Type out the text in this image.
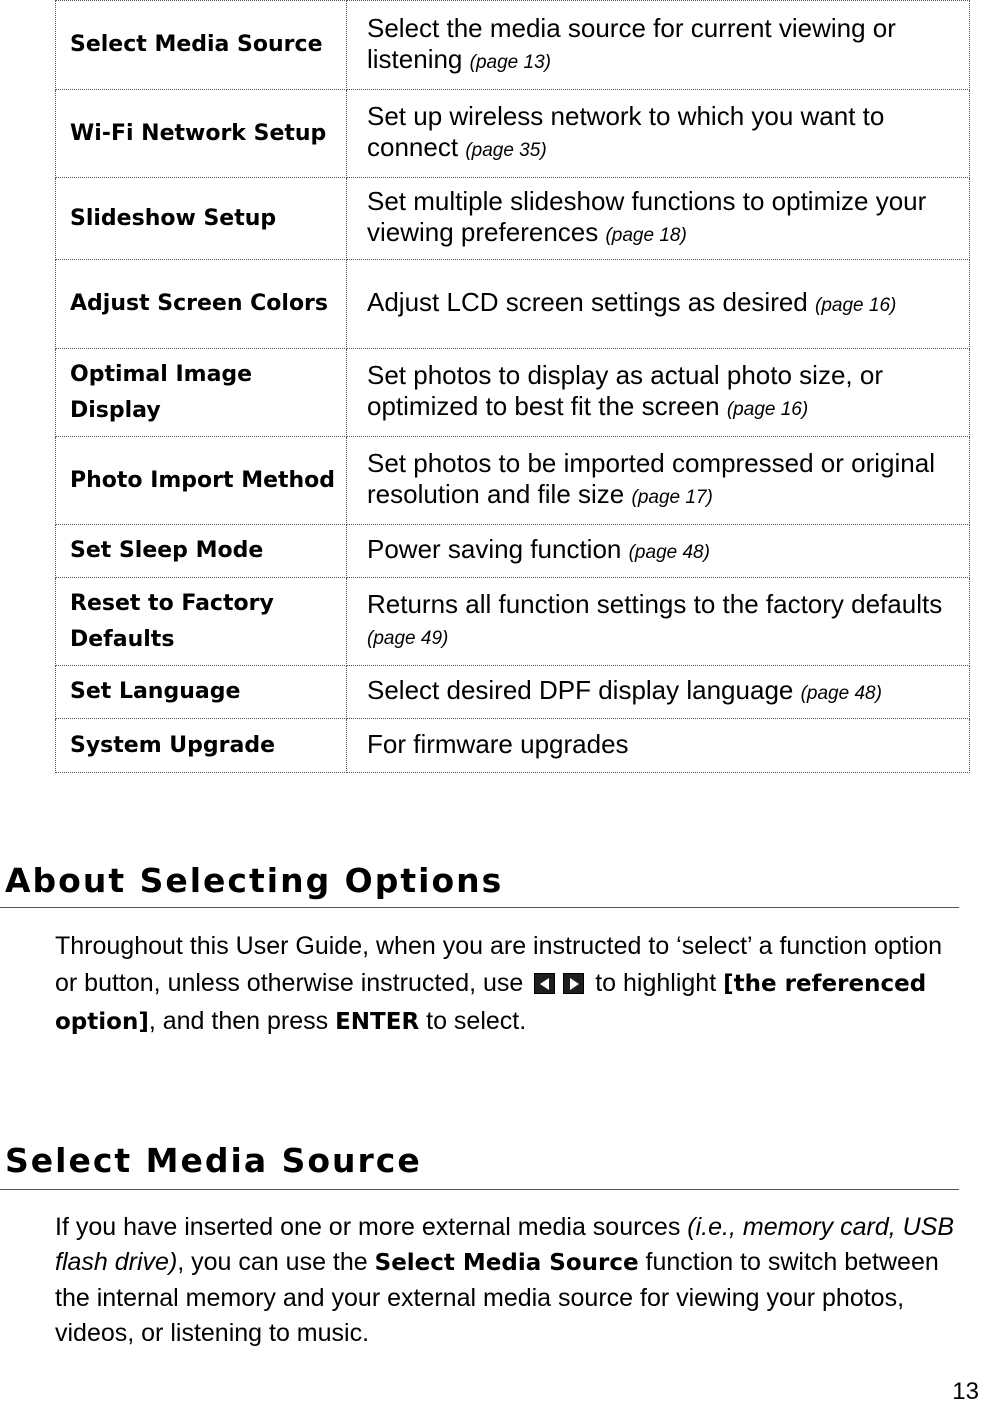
Select Media Source	Select the media source for current viewing or listening (page 13)
Wi-Fi Network Setup	Set up wireless network to which you want to connect (page 35)
Slideshow Setup	Set multiple slideshow functions to optimize your viewing preferences (page 18)
Adjust Screen Colors	Adjust LCD screen settings as desired (page 16)
Optimal Image Display	Set photos to display as actual photo size, or optimized to best fit the screen (page 16)
Photo Import Method	Set photos to be imported compressed or original resolution and file size (page 17)
Set Sleep Mode	Power saving function (page 48)
Reset to Factory Defaults	Returns all function settings to the factory defaults (page 49)
Set Language	Select desired DPF display language (page 48)
System Upgrade	For firmware upgrades
About Selecting Options
Throughout this User Guide, when you are instructed to ‘select’ a function option or button, unless otherwise instructed, use	to highlight [the referenced option], and then press ENTER to select.
Select Media Source
If you have inserted one or more external media sources (i.e., memory card, USB flash drive), you can use the Select Media Source function to switch between the internal memory and your external media source for viewing your photos, videos, or listening to music.
13
